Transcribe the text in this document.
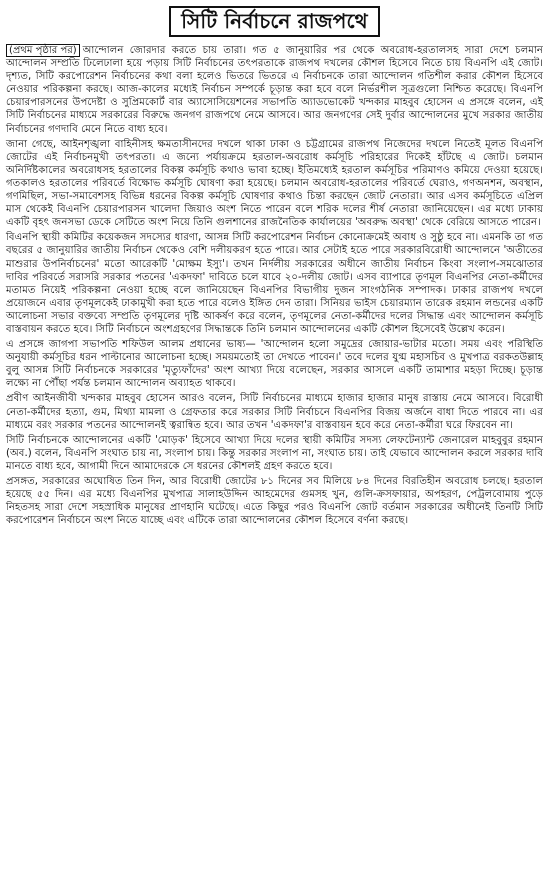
সিটি নির্বাচনে রাজপথে

(প্রথম পৃষ্ঠার পর) আন্দোলন জোরদার করতে চায় তারা। গত ৫ জানুয়ারির পর থেকে অবরোধ-হরতালসহ সারা দেশে চলমান আন্দোলন সম্প্রতি ঢিলেঢালা হয়ে পড়ায় সিটি নির্বাচনের তৎপরতাকে রাজপথ দখলের কৌশল হিসেবে নিতে চায় বিএনপি এই জোট। দৃশ্যত, সিটি করপোরেশন নির্বাচনের কথা বলা হলেও ভিতরে ভিতরে এ নির্বাচনকে তারা আন্দোলন গতিশীল করার কৌশল হিসেবে নেওয়ার পরিকল্পনা করছে। আজ-কালের মধ্যেই নির্বাচন সম্পর্কে চূড়ান্ত করা হবে বলে নির্ভরশীল সূত্রগুলো নিশ্চিত করেছে। বিএনপি চেয়ারপারসনের উপদেষ্টা ও সুপ্রিমকোর্ট বার অ্যাসোসিয়েশনের সভাপতি অ্যাডভোকেট খন্দকার মাহবুব হোসেন এ প্রসঙ্গে বলেন, এই সিটি নির্বাচনের মাধ্যমে সরকারের বিরুদ্ধে জনগণ রাজপথে নেমে আসবে। আর জনগণের সেই দুর্বার আন্দোলনের মুখে সরকার জাতীয় নির্বাচনের গণদাবি মেনে নিতে বাধ্য হবে।

জানা গেছে, আইনশৃঙ্খলা বাহিনীসহ ক্ষমতাসীনদের দখলে থাকা ঢাকা ও চট্টগ্রামের রাজপথ নিজেদের দখলে নিতেই মূলত বিএনপি জোটের এই নির্বাচনমুখী তৎপরতা। এ জন্যে পর্যায়ক্রমে হরতাল-অবরোধ কর্মসূচি পরিহারের দিকেই হাঁটছে এ জোট। চলমান অনির্দিষ্টকালের অবরোধসহ হরতালের বিকল্প কর্মসূচি কথাও ভাবা হচ্ছে। ইতিমধ্যেই হরতাল কর্মসূচির পরিমাণও কমিয়ে দেওয়া হয়েছে। গতকালও হরতালের পরিবর্তে বিক্ষোভ কর্মসূচি ঘোষণা করা হয়েছে। চলমান অবরোধ-হরতালের পরিবর্তে ঘেরাও, গণঅনশন, অবস্থান, গণমিছিল, সভা-সমাবেশসহ বিভিন্ন ধরনের বিকল্প কর্মসূচি ঘোষণার কথাও চিন্তা করছেন জোট নেতারা। আর এসব কর্মসূচিতে এপ্রিল মাস থেকেই বিএনপি চেয়ারপারসন খালেদা জিয়াও অংশ নিতে পারেন বলে শরিক দলের শীর্ষ নেতারা জানিয়েছেন। এর মধ্যে ঢাকায় একটি বৃহৎ জনসভা ডেকে সেটিতে অংশ নিয়ে তিনি গুলশানের রাজনৈতিক কার্যালয়ের 'অবরুদ্ধ অবস্থা' থেকে বেরিয়ে আসতে পারেন।

বিএনপি স্থায়ী কমিটির কয়েকজন সদস্যের ধারণা, আসন্ন সিটি করপোরেশন নির্বাচন কোনোক্রমেই অবাধ ও সুষ্ঠু হবে না। এমনকি তা গত বছরের ৫ জানুয়ারির জাতীয় নির্বাচন থেকেও বেশি দলীয়করণ হতে পারে। আর সেটাই হতে পারে সরকারবিরোধী আন্দোলনে 'অতীতের মাশুরার উপনির্বাচনের' মতো আরেকটি 'মোক্ষম ইস্যু'। তখন নির্দলীয় সরকারের অধীনে জাতীয় নির্বাচন কিংবা সংলাপ-সমঝোতার দাবির পরিবর্তে সরাসরি সরকার পতনের 'একদফা' দাবিতে চলে যাবে ২০-দলীয় জোট। এসব ব্যাপারে তৃণমূল বিএনপির নেতা-কর্মীদের মতামত নিয়েই পরিকল্পনা নেওয়া হচ্ছে বলে জানিয়েছেন বিএনপির বিভাগীয় দুজন সাংগঠনিক সম্পাদক। ঢাকার রাজপথ দখলে প্রয়োজনে এবার তৃণমূলকেই ঢাকামুখী করা হতে পারে বলেও ইঙ্গিত দেন তারা। সিনিয়র ভাইস চেয়ারম্যান তারেক রহমান লন্ডনের একটি আলোচনা সভার বক্তব্যে সম্প্রতি তৃণমূলের দৃষ্টি আকর্ষণ করে বলেন, তৃণমূলের নেতা-কর্মীদের দলের সিদ্ধান্ত এবং আন্দোলন কর্মসূচি বাস্তবায়ন করতে হবে। সিটি নির্বাচনে অংশগ্রহণের সিদ্ধান্তকে তিনি চলমান আন্দোলনের একটি কৌশল হিসেবেই উল্লেখ করেন।

এ প্রসঙ্গে জাগপা সভাপতি শফিউল আলম প্রধানের ভাষ্য— 'আন্দোলন হলো সমুদ্রের জোয়ার-ভাটার মতো। সময় এবং পরিস্থিতি অনুযায়ী কর্মসূচির ধরন পাল্টানোর আলোচনা হচ্ছে। সময়মতোই তা দেখতে পাবেন।' তবে দলের যুগ্ম মহাসচিব ও মুখপাত্র বরকতউল্লাহ বুলু আসন্ন সিটি নির্বাচনকে সরকারের 'মৃত্যুফাঁদের' অংশ আখ্যা দিয়ে বলেছেন, সরকার আসলে একটি তামাশার মহড়া দিচ্ছে। চূড়ান্ত লক্ষ্যে না পৌঁছা পর্যন্ত চলমান আন্দোলন অব্যাহত থাকবে।

প্রবীণ আইনজীবী খন্দকার মাহবুব হোসেন আরও বলেন, সিটি নির্বাচনের মাধ্যমে হাজার হাজার মানুষ রাস্তায় নেমে আসবে। বিরোধী নেতা-কর্মীদের হত্যা, গুম, মিথ্যা মামলা ও গ্রেফতার করে সরকার সিটি নির্বাচনে বিএনপির বিজয় অর্জনে বাধা দিতে পারবে না। এর মাধ্যমে বরং সরকার পতনের আন্দোলনই ত্বরান্বিত হবে। আর তখন 'একদফা'র বাস্তবায়ন হবে করে নেতা-কর্মীরা ঘরে ফিরবেন না।

সিটি নির্বাচনকে আন্দোলনের একটি 'মোড়ক' হিসেবে আখ্যা দিয়ে দলের স্থায়ী কমিটির সদস্য লেফটেন্যান্ট জেনারেল মাহবুবুর রহমান (অব.) বলেন, বিএনপি সংঘাত চায় না, সংলাপ চায়। কিন্তু সরকার সংলাপ না, সংঘাত চায়। তাই যেভাবে আন্দোলন করলে সরকার দাবি মানতে বাধ্য হবে, আগামী দিনে আমাদেরকে সে ধরনের কৌশলই গ্রহণ করতে হবে।

প্রসঙ্গত, সরকারের অঘোষিত তিন দিন, আর বিরোধী জোটের ৮১ দিনের সব মিলিয়ে ৮৪ দিনের বিরতিহীন অবরোধ চলছে। হরতাল হয়েছে ৫৫ দিন। এর মধ্যে বিএনপির মুখপাত্র সালাহউদ্দিন আহমেদের গুমসহ খুন, গুলি-ক্রসফায়ার, অপহরণ, পেট্রলবোমায় পুড়ে নিহতসহ সারা দেশে সহস্রাধিক মানুষের প্রাণহানি ঘটেছে। এতে কিছুর পরও বিএনপি জোট বর্তমান সরকারের অধীনেই তিনটি সিটি করপোরেশন নির্বাচনে অংশ নিতে যাচ্ছে এবং এটিকে তারা আন্দোলনের কৌশল হিসেবে বর্ণনা করছে।
